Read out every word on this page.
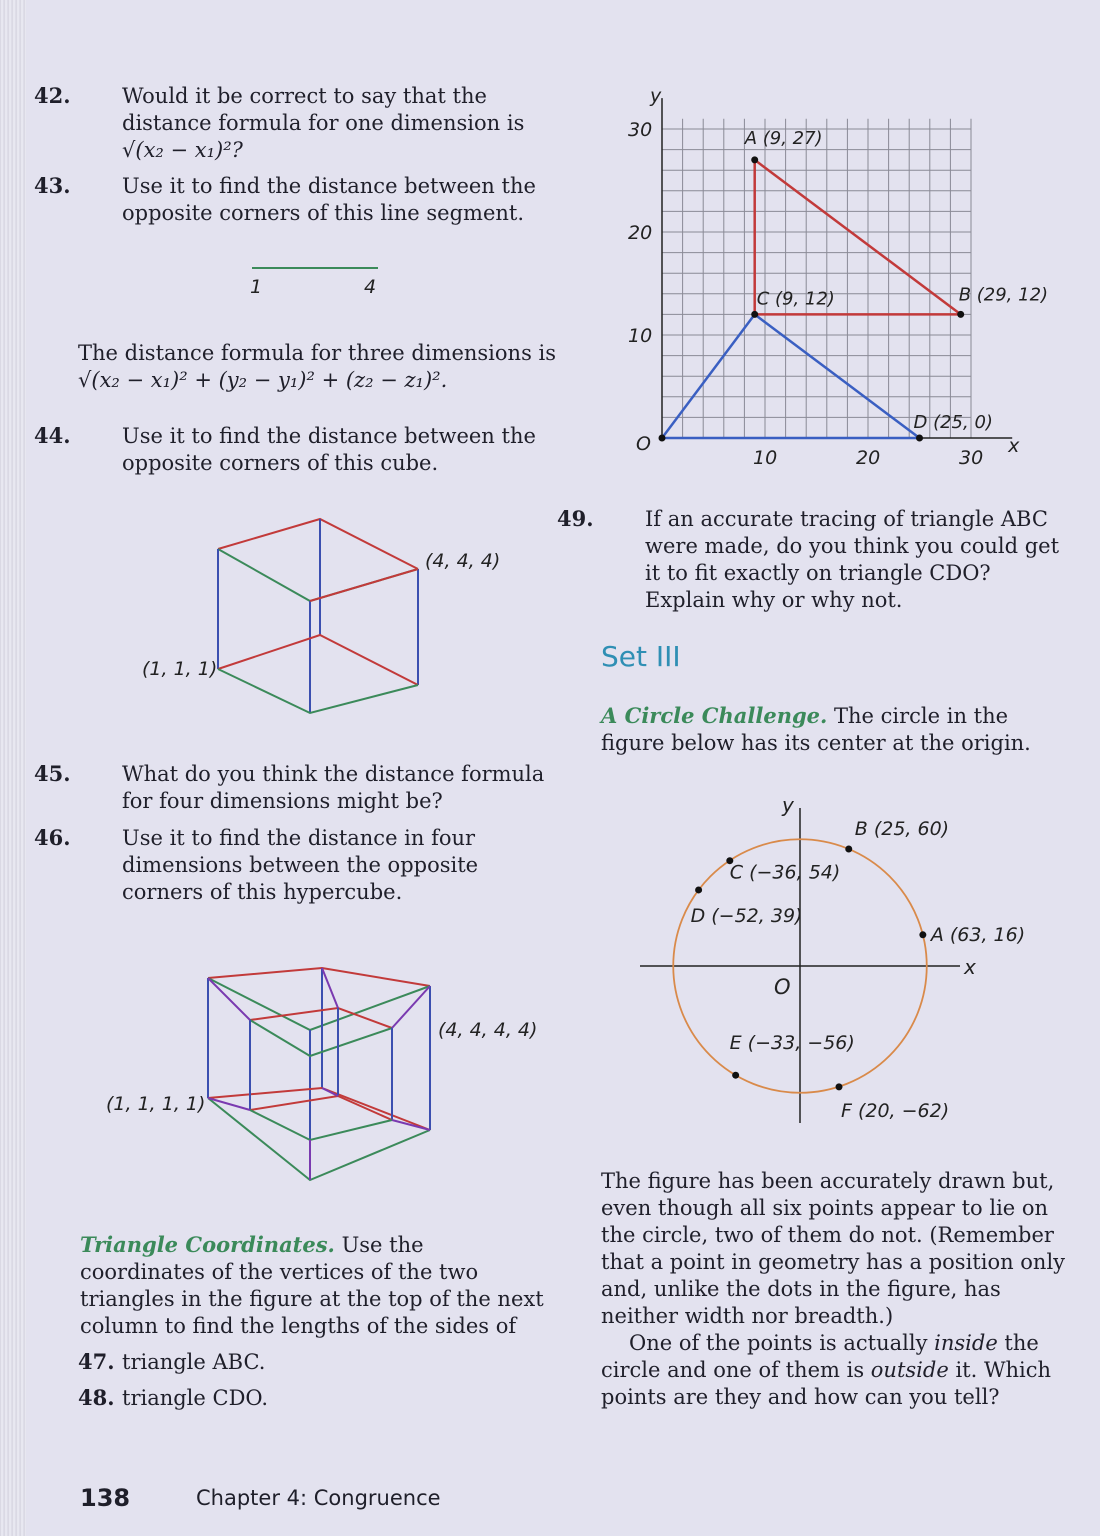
42. Would it be correct to say that the distance formula for one dimension is
√(x₂ − x₁)²?
43. Use it to find the distance between the opposite corners of this line segment.
1	4
The distance formula for three dimensions is
√(x₂ − x₁)² + (y₂ − y₁)² + (z₂ − z₁)².
44. Use it to find the distance between the opposite corners of this cube.
(4, 4, 4)
(1, 1, 1)
45. What do you think the distance formula for four dimensions might be?
46. Use it to find the distance in four dimensions between the opposite corners of this hypercube.
(4, 4, 4, 4)
(1, 1, 1, 1)
Triangle Coordinates. Use the coordinates of the vertices of the two triangles in the figure at the top of the next column to find the lengths of the sides of
47. triangle ABC.
48. triangle CDO.
y
x
O
30
20
10
10	20	30
A (9, 27)
B (29, 12)
C (9, 12)
D (25, 0)
49. If an accurate tracing of triangle ABC were made, do you think you could get it to fit exactly on triangle CDO? Explain why or why not.
Set III
A Circle Challenge. The circle in the figure below has its center at the origin.
y
x
O
B (25, 60)
C (−36, 54)
D (−52, 39)
A (63, 16)
E (−33, −56)
F (20, −62)
The figure has been accurately drawn but, even though all six points appear to lie on the circle, two of them do not. (Remember that a point in geometry has a position only and, unlike the dots in the figure, has neither width nor breadth.)
One of the points is actually inside the circle and one of them is outside it. Which points are they and how can you tell?
138	Chapter 4: Congruence
